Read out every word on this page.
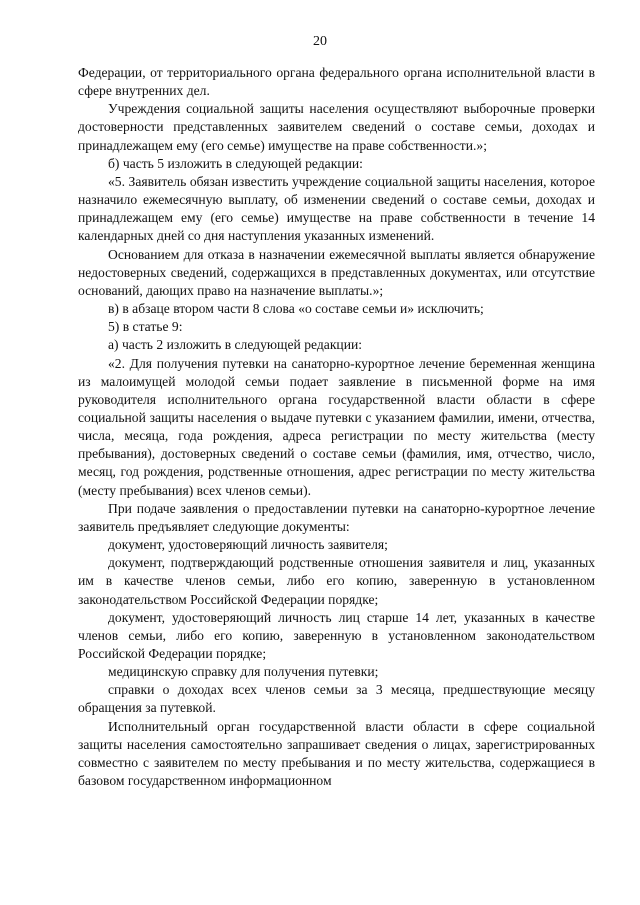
20

Федерации, от территориального органа федерального органа исполнительной власти в сфере внутренних дел.

Учреждения социальной защиты населения осуществляют выборочные проверки достоверности представленных заявителем сведений о составе семьи, доходах и принадлежащем ему (его семье) имуществе на праве собственности.»;

б) часть 5 изложить в следующей редакции:

«5. Заявитель обязан известить учреждение социальной защиты населения, которое назначило ежемесячную выплату, об изменении сведений о составе семьи, доходах и принадлежащем ему (его семье) имуществе на праве собственности в течение 14 календарных дней со дня наступления указанных изменений.

Основанием для отказа в назначении ежемесячной выплаты является обнаружение недостоверных сведений, содержащихся в представленных документах, или отсутствие оснований, дающих право на назначение выплаты.»;

в) в абзаце втором части 8 слова «о составе семьи и» исключить;

5) в статье 9:

а) часть 2 изложить в следующей редакции:

«2. Для получения путевки на санаторно-курортное лечение беременная женщина из малоимущей молодой семьи подает заявление в письменной форме на имя руководителя исполнительного органа государственной власти области в сфере социальной защиты населения о выдаче путевки с указанием фамилии, имени, отчества, числа, месяца, года рождения, адреса регистрации по месту жительства (месту пребывания), достоверных сведений о составе семьи (фамилия, имя, отчество, число, месяц, год рождения, родственные отношения, адрес регистрации по месту жительства (месту пребывания) всех членов семьи).

При подаче заявления о предоставлении путевки на санаторно-курортное лечение заявитель предъявляет следующие документы:

документ, удостоверяющий личность заявителя;

документ, подтверждающий родственные отношения заявителя и лиц, указанных им в качестве членов семьи, либо его копию, заверенную в установленном законодательством Российской Федерации порядке;

документ, удостоверяющий личность лиц старше 14 лет, указанных в качестве членов семьи, либо его копию, заверенную в установленном законодательством Российской Федерации порядке;

медицинскую справку для получения путевки;

справки о доходах всех членов семьи за 3 месяца, предшествующие месяцу обращения за путевкой.

Исполнительный орган государственной власти области в сфере социальной защиты населения самостоятельно запрашивает сведения о лицах, зарегистрированных совместно с заявителем по месту пребывания и по месту жительства, содержащиеся в базовом государственном информационном
